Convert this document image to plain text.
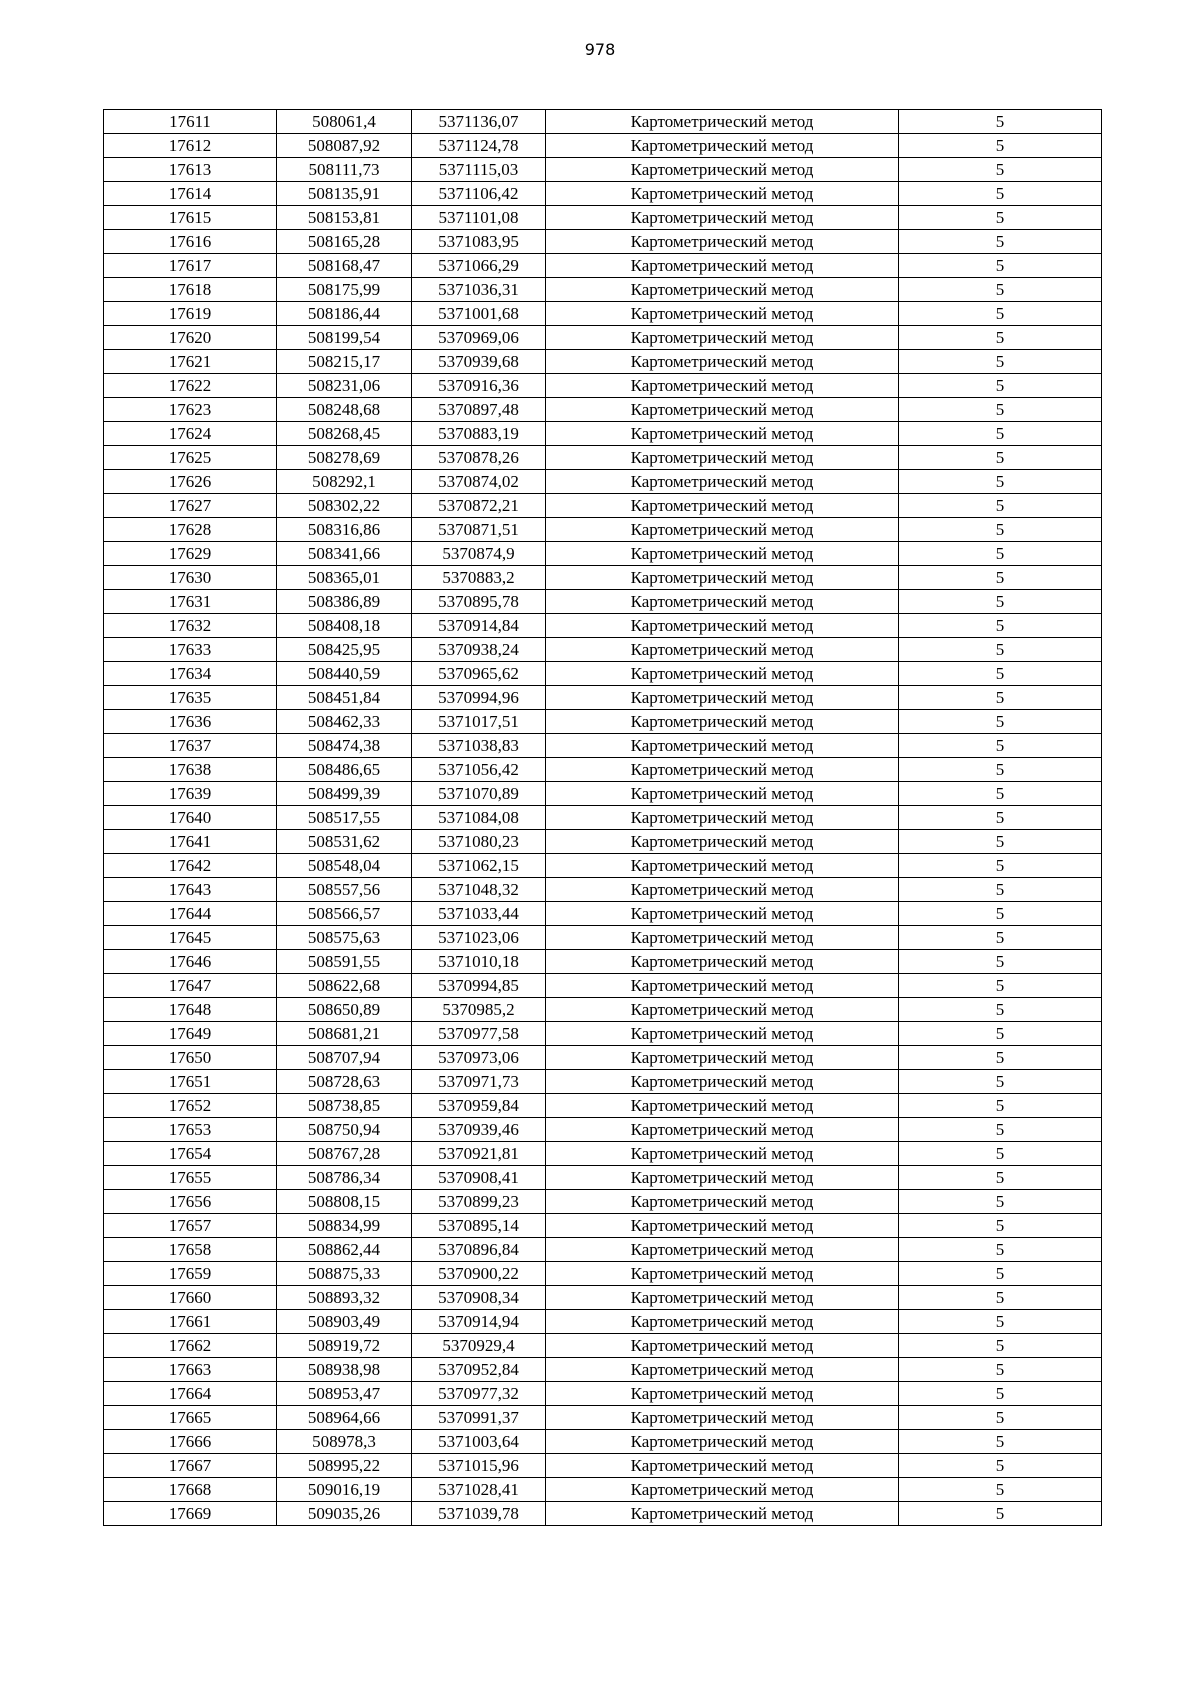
978
17611	508061,4	5371136,07	Картометрический метод	5
17612	508087,92	5371124,78	Картометрический метод	5
17613	508111,73	5371115,03	Картометрический метод	5
17614	508135,91	5371106,42	Картометрический метод	5
17615	508153,81	5371101,08	Картометрический метод	5
17616	508165,28	5371083,95	Картометрический метод	5
17617	508168,47	5371066,29	Картометрический метод	5
17618	508175,99	5371036,31	Картометрический метод	5
17619	508186,44	5371001,68	Картометрический метод	5
17620	508199,54	5370969,06	Картометрический метод	5
17621	508215,17	5370939,68	Картометрический метод	5
17622	508231,06	5370916,36	Картометрический метод	5
17623	508248,68	5370897,48	Картометрический метод	5
17624	508268,45	5370883,19	Картометрический метод	5
17625	508278,69	5370878,26	Картометрический метод	5
17626	508292,1	5370874,02	Картометрический метод	5
17627	508302,22	5370872,21	Картометрический метод	5
17628	508316,86	5370871,51	Картометрический метод	5
17629	508341,66	5370874,9	Картометрический метод	5
17630	508365,01	5370883,2	Картометрический метод	5
17631	508386,89	5370895,78	Картометрический метод	5
17632	508408,18	5370914,84	Картометрический метод	5
17633	508425,95	5370938,24	Картометрический метод	5
17634	508440,59	5370965,62	Картометрический метод	5
17635	508451,84	5370994,96	Картометрический метод	5
17636	508462,33	5371017,51	Картометрический метод	5
17637	508474,38	5371038,83	Картометрический метод	5
17638	508486,65	5371056,42	Картометрический метод	5
17639	508499,39	5371070,89	Картометрический метод	5
17640	508517,55	5371084,08	Картометрический метод	5
17641	508531,62	5371080,23	Картометрический метод	5
17642	508548,04	5371062,15	Картометрический метод	5
17643	508557,56	5371048,32	Картометрический метод	5
17644	508566,57	5371033,44	Картометрический метод	5
17645	508575,63	5371023,06	Картометрический метод	5
17646	508591,55	5371010,18	Картометрический метод	5
17647	508622,68	5370994,85	Картометрический метод	5
17648	508650,89	5370985,2	Картометрический метод	5
17649	508681,21	5370977,58	Картометрический метод	5
17650	508707,94	5370973,06	Картометрический метод	5
17651	508728,63	5370971,73	Картометрический метод	5
17652	508738,85	5370959,84	Картометрический метод	5
17653	508750,94	5370939,46	Картометрический метод	5
17654	508767,28	5370921,81	Картометрический метод	5
17655	508786,34	5370908,41	Картометрический метод	5
17656	508808,15	5370899,23	Картометрический метод	5
17657	508834,99	5370895,14	Картометрический метод	5
17658	508862,44	5370896,84	Картометрический метод	5
17659	508875,33	5370900,22	Картометрический метод	5
17660	508893,32	5370908,34	Картометрический метод	5
17661	508903,49	5370914,94	Картометрический метод	5
17662	508919,72	5370929,4	Картометрический метод	5
17663	508938,98	5370952,84	Картометрический метод	5
17664	508953,47	5370977,32	Картометрический метод	5
17665	508964,66	5370991,37	Картометрический метод	5
17666	508978,3	5371003,64	Картометрический метод	5
17667	508995,22	5371015,96	Картометрический метод	5
17668	509016,19	5371028,41	Картометрический метод	5
17669	509035,26	5371039,78	Картометрический метод	5
